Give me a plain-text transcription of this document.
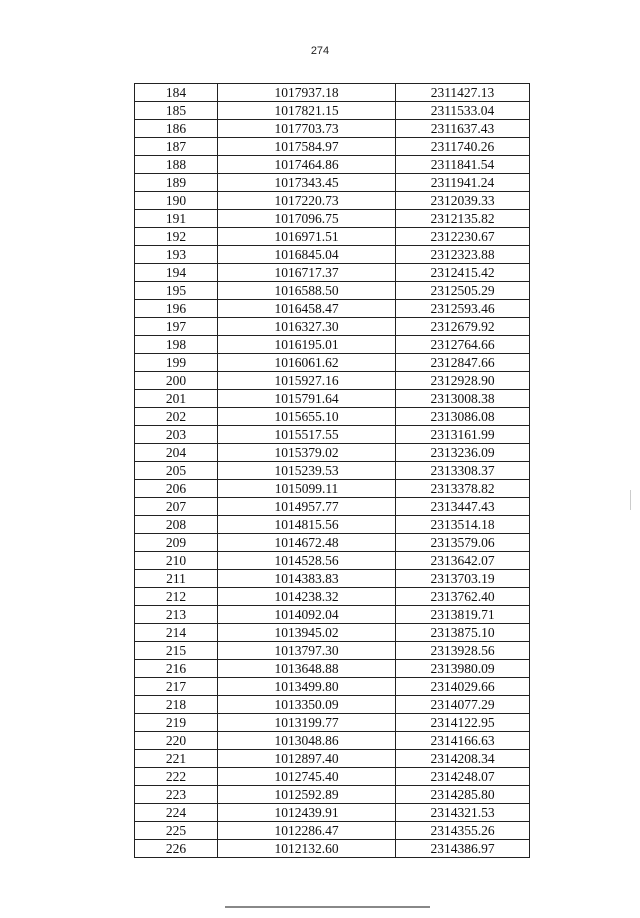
274
184	1017937.18	2311427.13
185	1017821.15	2311533.04
186	1017703.73	2311637.43
187	1017584.97	2311740.26
188	1017464.86	2311841.54
189	1017343.45	2311941.24
190	1017220.73	2312039.33
191	1017096.75	2312135.82
192	1016971.51	2312230.67
193	1016845.04	2312323.88
194	1016717.37	2312415.42
195	1016588.50	2312505.29
196	1016458.47	2312593.46
197	1016327.30	2312679.92
198	1016195.01	2312764.66
199	1016061.62	2312847.66
200	1015927.16	2312928.90
201	1015791.64	2313008.38
202	1015655.10	2313086.08
203	1015517.55	2313161.99
204	1015379.02	2313236.09
205	1015239.53	2313308.37
206	1015099.11	2313378.82
207	1014957.77	2313447.43
208	1014815.56	2313514.18
209	1014672.48	2313579.06
210	1014528.56	2313642.07
211	1014383.83	2313703.19
212	1014238.32	2313762.40
213	1014092.04	2313819.71
214	1013945.02	2313875.10
215	1013797.30	2313928.56
216	1013648.88	2313980.09
217	1013499.80	2314029.66
218	1013350.09	2314077.29
219	1013199.77	2314122.95
220	1013048.86	2314166.63
221	1012897.40	2314208.34
222	1012745.40	2314248.07
223	1012592.89	2314285.80
224	1012439.91	2314321.53
225	1012286.47	2314355.26
226	1012132.60	2314386.97
